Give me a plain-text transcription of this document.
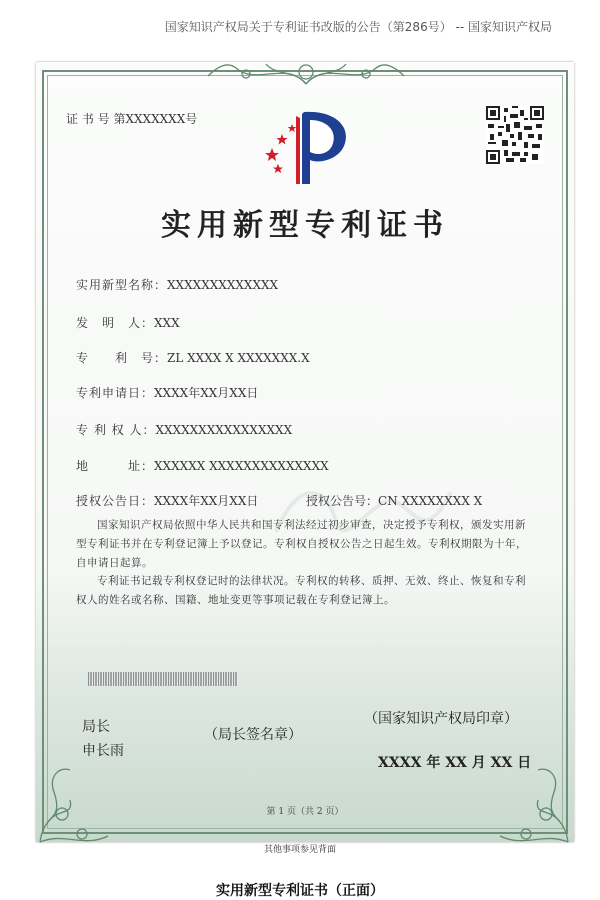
国家知识产权局关于专利证书改版的公告（第286号） -- 国家知识产权局
证 书 号 第XXXXXXX号
实用新型专利证书
实用新型名称：XXXXXXXXXXXXX
发　明　人：XXX
专　　利　号：ZL XXXX X XXXXXXX.X
专利申请日：XXXX年XX月XX日
专 利 权 人：XXXXXXXXXXXXXXXX
地　　　址：XXXXXX XXXXXXXXXXXXXX
授权公告日：XXXX年XX月XX日	授权公告号：CN XXXXXXXX X
国家知识产权局依照中华人民共和国专利法经过初步审查，决定授予专利权，颁发实用新型专利证书并在专利登记簿上予以登记。专利权自授权公告之日起生效。专利权期限为十年，自申请日起算。
专利证书记载专利权登记时的法律状况。专利权的转移、质押、无效、终止、恢复和专利权人的姓名或名称、国籍、地址变更等事项记载在专利登记簿上。
局长
申长雨
（局长签名章）
（国家知识产权局印章）
XXXX 年 XX 月 XX 日
第 1 页（共 2 页）
其他事项参见背面
实用新型专利证书（正面）
